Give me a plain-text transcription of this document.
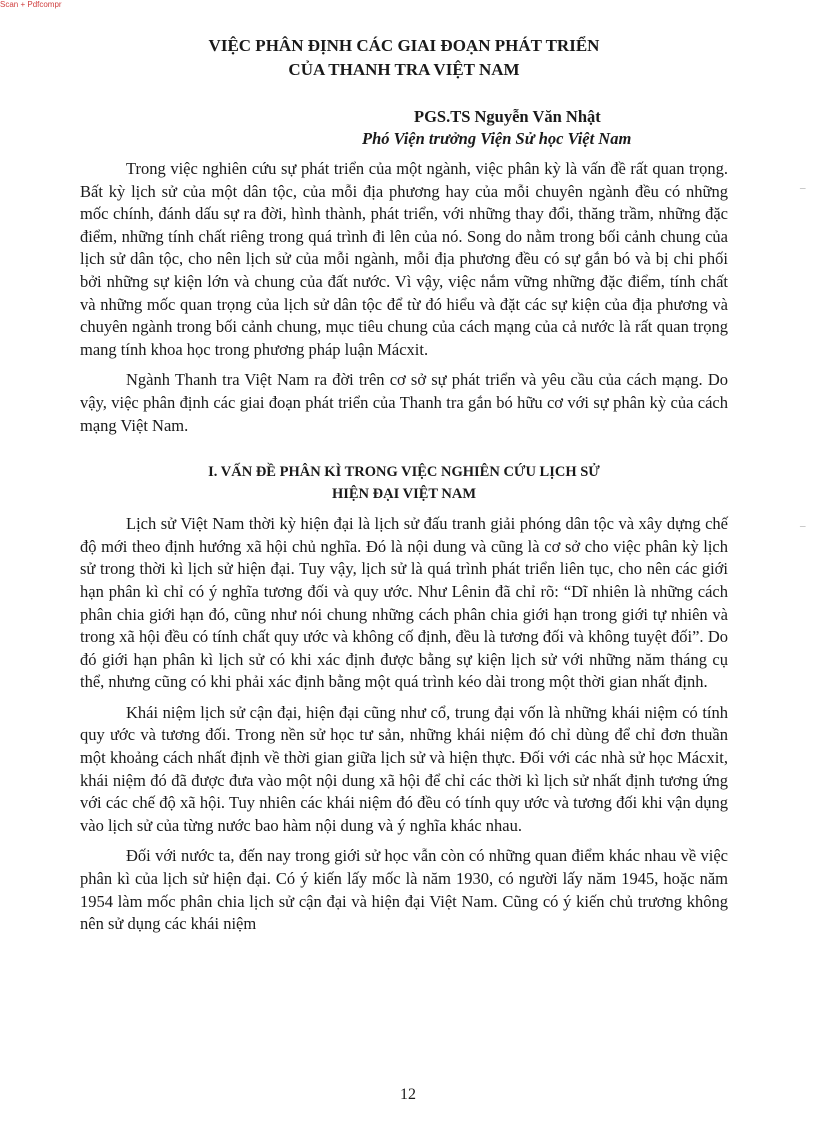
Scan + Pdfcompr
VIỆC PHÂN ĐỊNH CÁC GIAI ĐOẠN PHÁT TRIỂN
CỦA THANH TRA VIỆT NAM
PGS.TS Nguyễn Văn Nhật
Phó Viện trưởng Viện Sử học Việt Nam

Trong việc nghiên cứu sự phát triển của một ngành, việc phân kỳ là vấn đề rất quan trọng. Bất kỳ lịch sử của một dân tộc, của mỗi địa phương hay của mỗi chuyên ngành đều có những mốc chính, đánh dấu sự ra đời, hình thành, phát triển, với những thay đổi, thăng trầm, những đặc điểm, những tính chất riêng trong quá trình đi lên của nó. Song do nằm trong bối cảnh chung của lịch sử dân tộc, cho nên lịch sử của mỗi ngành, mỗi địa phương đều có sự gắn bó và bị chi phối bởi những sự kiện lớn và chung của đất nước. Vì vậy, việc nắm vững những đặc điểm, tính chất và những mốc quan trọng của lịch sử dân tộc để từ đó hiểu và đặt các sự kiện của địa phương và chuyên ngành trong bối cảnh chung, mục tiêu chung của cách mạng của cả nước là rất quan trọng mang tính khoa học trong phương pháp luận Mácxit.

Ngành Thanh tra Việt Nam ra đời trên cơ sở sự phát triển và yêu cầu của cách mạng. Do vậy, việc phân định các giai đoạn phát triển của Thanh tra gắn bó hữu cơ với sự phân kỳ của cách mạng Việt Nam.

I. VẤN ĐỀ PHÂN KÌ TRONG VIỆC NGHIÊN CỨU LỊCH SỬ
HIỆN ĐẠI VIỆT NAM

Lịch sử Việt Nam thời kỳ hiện đại là lịch sử đấu tranh giải phóng dân tộc và xây dựng chế độ mới theo định hướng xã hội chủ nghĩa. Đó là nội dung và cũng là cơ sở cho việc phân kỳ lịch sử trong thời kì lịch sử hiện đại. Tuy vậy, lịch sử là quá trình phát triển liên tục, cho nên các giới hạn phân kì chỉ có ý nghĩa tương đối và quy ước. Như Lênin đã chỉ rõ: “Dĩ nhiên là những cách phân chia giới hạn đó, cũng như nói chung những cách phân chia giới hạn trong giới tự nhiên và trong xã hội đều có tính chất quy ước và không cố định, đều là tương đối và không tuyệt đối”. Do đó giới hạn phân kì lịch sử có khi xác định được bằng sự kiện lịch sử với những năm tháng cụ thể, nhưng cũng có khi phải xác định bằng một quá trình kéo dài trong một thời gian nhất định.

Khái niệm lịch sử cận đại, hiện đại cũng như cổ, trung đại vốn là những khái niệm có tính quy ước và tương đối. Trong nền sử học tư sản, những khái niệm đó chỉ dùng để chỉ đơn thuần một khoảng cách nhất định về thời gian giữa lịch sử và hiện thực. Đối với các nhà sử học Mácxit, khái niệm đó đã được đưa vào một nội dung xã hội để chỉ các thời kì lịch sử nhất định tương ứng với các chế độ xã hội. Tuy nhiên các khái niệm đó đều có tính quy ước và tương đối khi vận dụng vào lịch sử của từng nước bao hàm nội dung và ý nghĩa khác nhau.

Đối với nước ta, đến nay trong giới sử học vẫn còn có những quan điểm khác nhau về việc phân kì của lịch sử hiện đại. Có ý kiến lấy mốc là năm 1930, có người lấy năm 1945, hoặc năm 1954 làm mốc phân chia lịch sử cận đại và hiện đại Việt Nam. Cũng có ý kiến chủ trương không nên sử dụng các khái niệm

–
–
12
